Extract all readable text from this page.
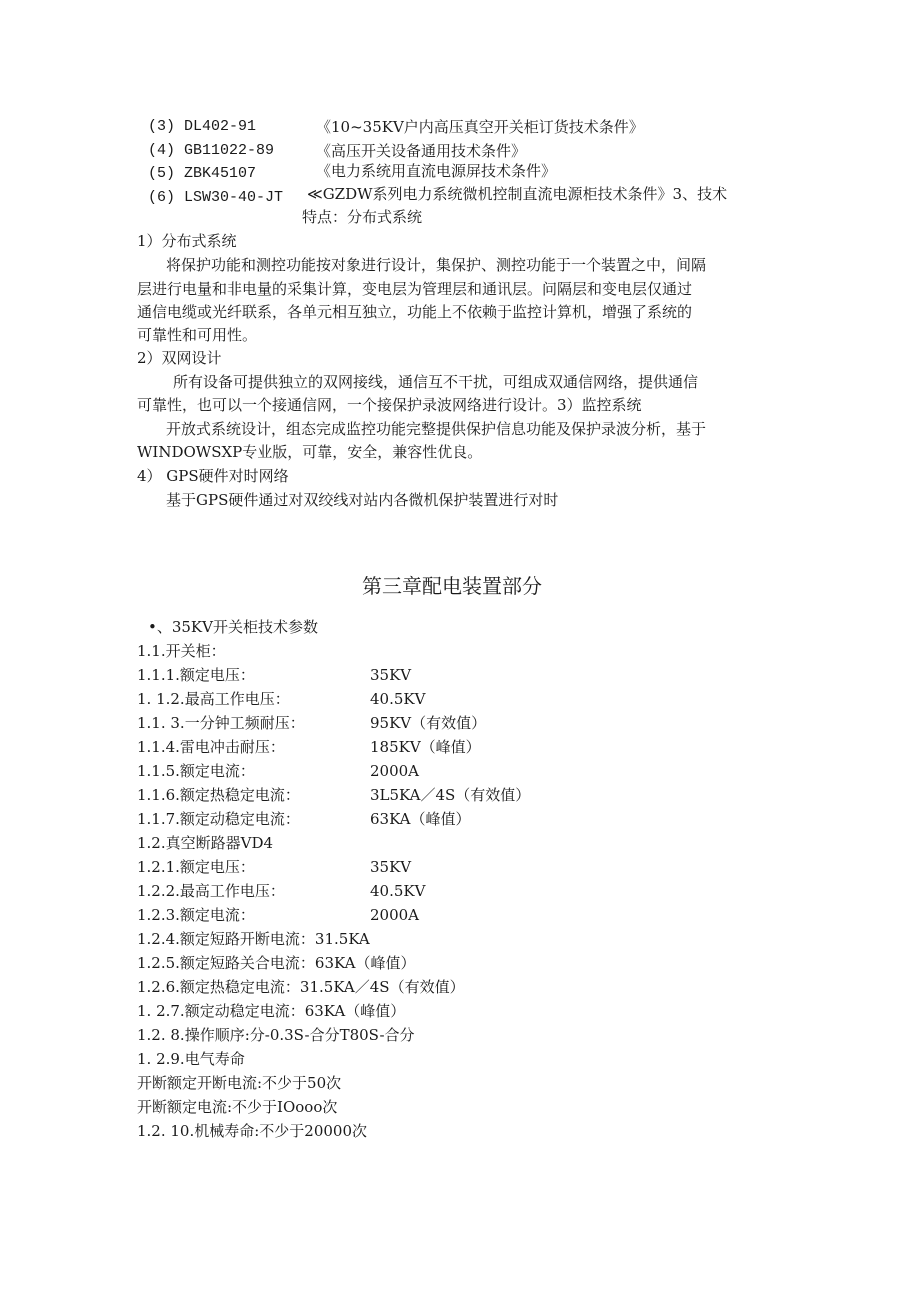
(3) DL402-91	《10~35KV户内高压真空开关柜订货技术条件》
(4) GB11022-89	《高压开关设备通用技术条件》
(5) ZBK45107	《电力系统用直流电源屏技术条件》
(6) LSW30-40-JT ≪GZDW系列电力系统微机控制直流电源柜技术条件》3、技术
特点：分布式系统
1）分布式系统
将保护功能和测控功能按对象进行设计，集保护、测控功能于一个装置之中，间隔
层进行电量和非电量的采集计算，变电层为管理层和通讯层。问隔层和变电层仅通过
通信电缆或光纤联系，各单元相互独立，功能上不依赖于监控计算机，增强了系统的
可靠性和可用性。
2）双网设计
所有设备可提供独立的双网接线，通信互不干扰，可组成双通信网络，提供通信
可靠性，也可以一个接通信网，一个接保护录波网络进行设计。3）监控系统
开放式系统设计，组态完成监控功能完整提供保护信息功能及保护录波分析，基于
WINDOWSXP专业版，可靠，安全，兼容性优良。
4） GPS硬件对时网络
基于GPS硬件通过对双绞线对站内各微机保护装置进行对时
第三章配电装置部分
•、35KV开关柜技术参数
1.1.开关柜：
1.1.1.额定电压：	35KV
1. 1.2.最高工作电压：	40.5KV
1.1. 3.一分钟工频耐压：	95KV（有效值）
1.1.4.雷电冲击耐压：	185KV（峰值）
1.1.5.额定电流：	2000A
1.1.6.额定热稳定电流：	3L5KA／4S（有效值）
1.1.7.额定动稳定电流：	63KA（峰值）
1.2.真空断路器VD4
1.2.1.额定电压：	35KV
1.2.2.最高工作电压：	40.5KV
1.2.3.额定电流：	2000A
1.2.4.额定短路开断电流：31.5KA
1.2.5.额定短路关合电流：63KA（峰值）
1.2.6.额定热稳定电流：31.5KA／4S（有效值）
1. 2.7.额定动稳定电流：63KA（峰值）
1.2. 8.操作顺序:分-0.3S-合分T80S-合分
1. 2.9.电气寿命
开断额定开断电流:不少于50次
开断额定电流:不少于IOooo次
1.2. 10.机械寿命:不少于20000次
